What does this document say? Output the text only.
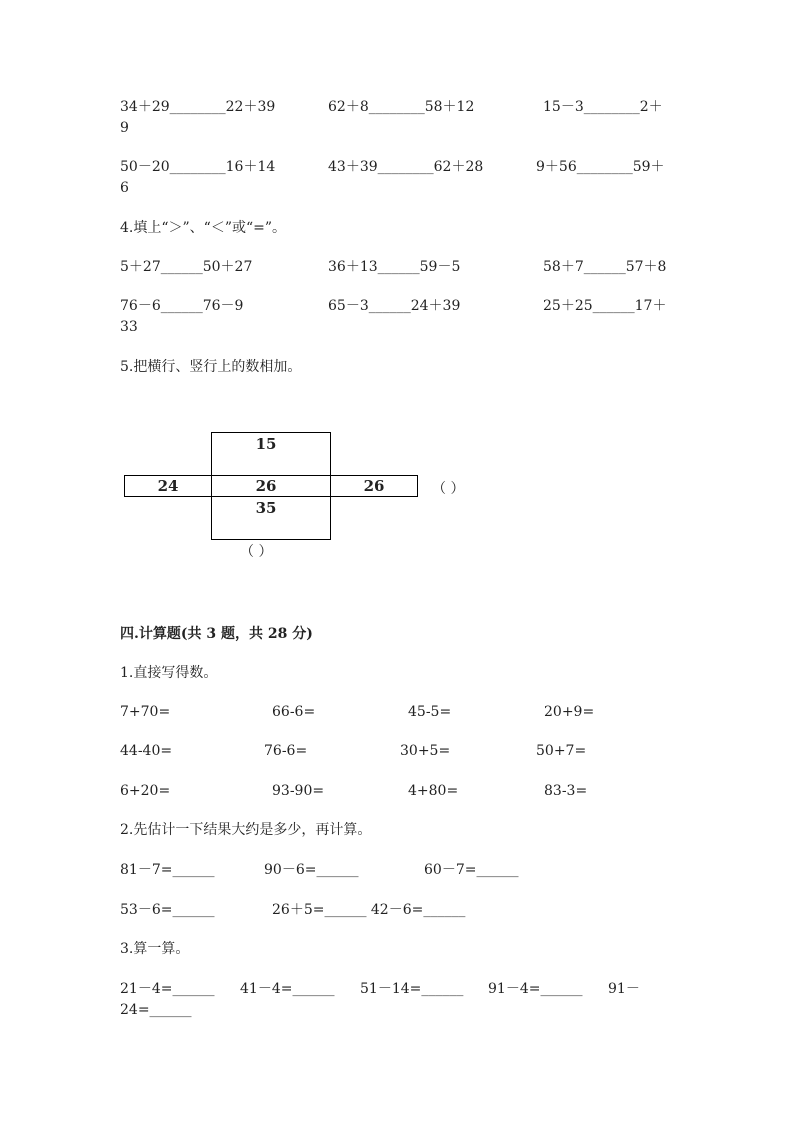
34＋29________22＋39	62＋8________58＋12	15－3________2＋
9
50－20________16＋14	43＋39________62＋28	9＋56________59＋
6
4.填上“＞”、“＜”或“=”。
5＋27______50＋27	36＋13______59－5	58＋7______57＋8
76－6______76－9	65－3______24＋39	25＋25______17＋
33
5.把横行、竖行上的数相加。
15
24	26	26
35
（ ）
（ ）
四.计算题(共 3 题，共 28 分)
1.直接写得数。
7+70=	66-6=	45-5=	20+9=
44-40=	76-6=	30+5=	50+7=
6+20=	93-90=	4+80=	83-3=
2.先估计一下结果大约是多少，再计算。
81－7=______	90－6=______	60－7=______
53－6=______	26＋5=______ 42－6=______
3.算一算。
21－4=______ 41－4=______ 51－14=______ 91－4=______ 91－
24=______
